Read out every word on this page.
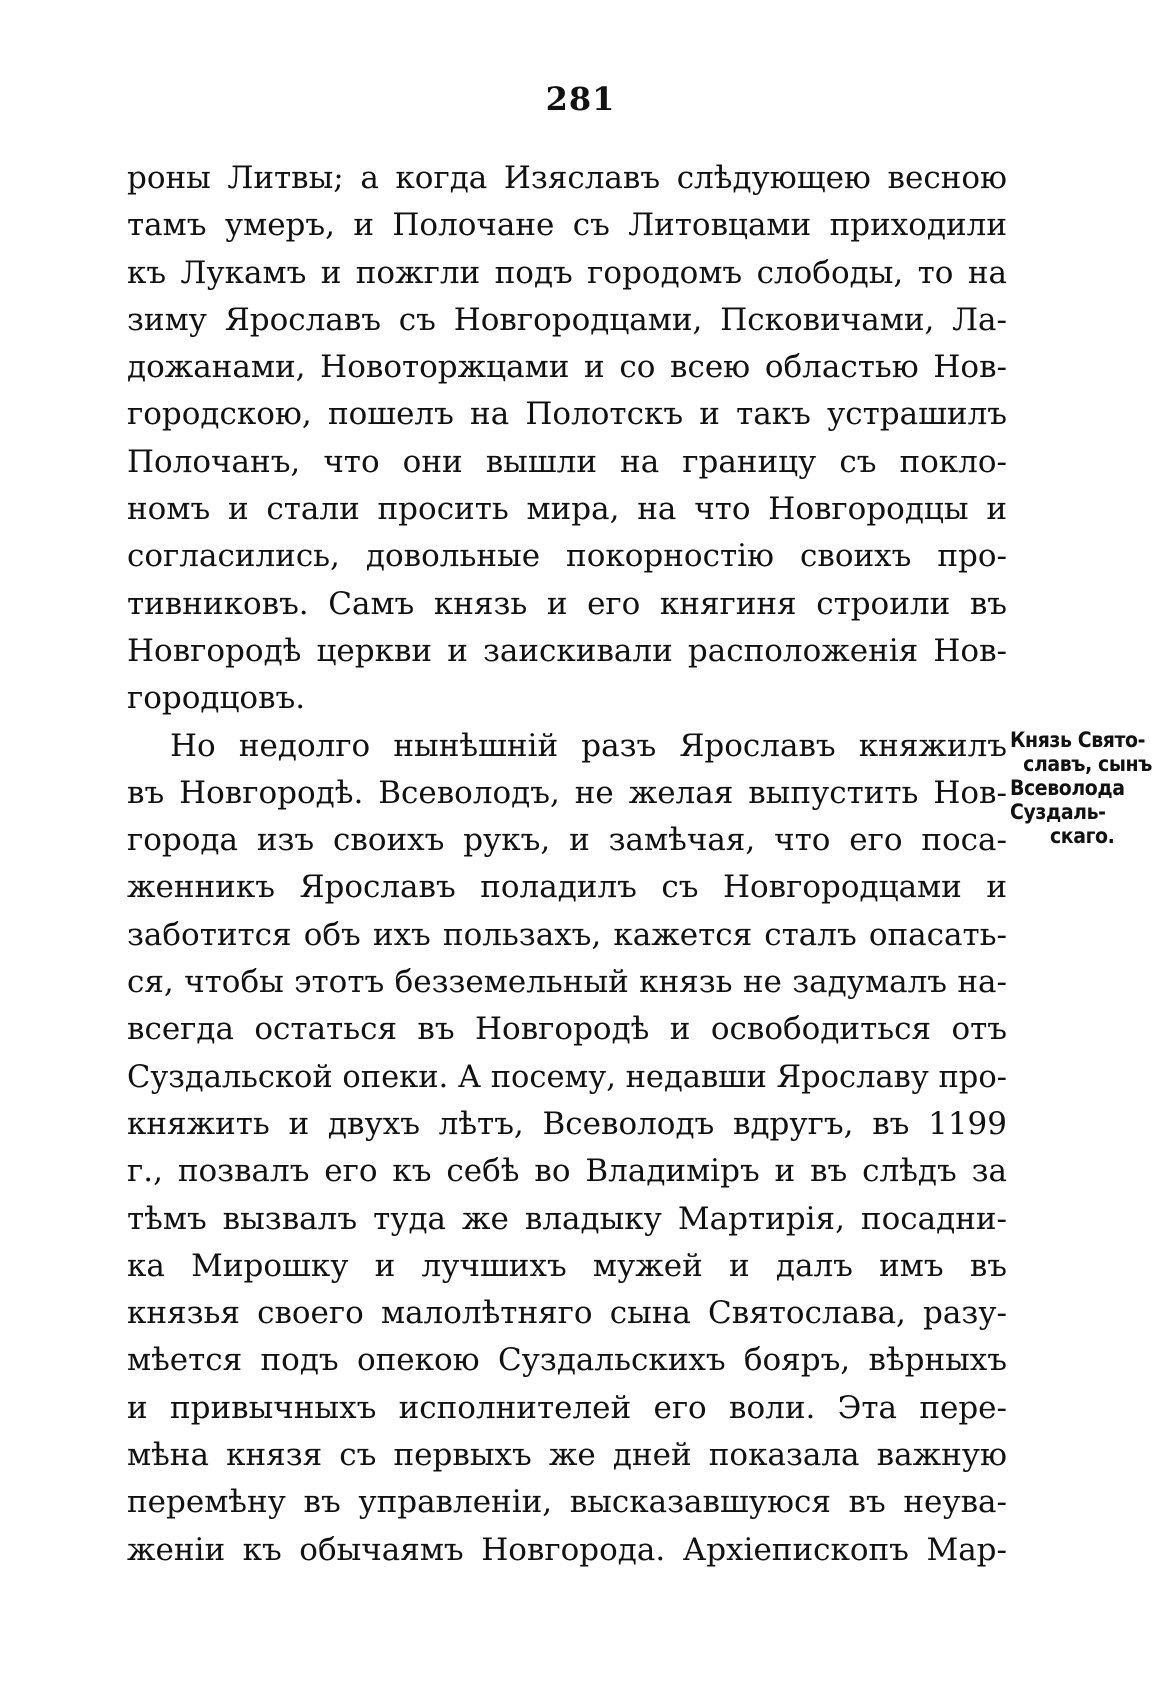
281
роны Литвы; а когда Изяславъ слѣдующею весною
тамъ умеръ, и Полочане съ Литовцами приходили
къ Лукамъ и пожгли подъ городомъ слободы, то на
зиму Ярославъ съ Новгородцами, Псковичами, Ла-
дожанами, Новоторжцами и со всею областью Нов-
городскою, пошелъ на Полотскъ и такъ устрашилъ
Полочанъ, что они вышли на границу съ покло-
номъ и стали просить мира, на что Новгородцы и
согласились, довольные покорностію своихъ про-
тивниковъ. Самъ князь и его княгиня строили въ
Новгородѣ церкви и заискивали расположенія Нов-
городцовъ.
Но недолго нынѣшній разъ Ярославъ княжилъ
въ Новгородѣ. Всеволодъ, не желая выпустить Нов-
города изъ своихъ рукъ, и замѣчая, что его поса-
женникъ Ярославъ поладилъ съ Новгородцами и
заботится объ ихъ пользахъ, кажется сталъ опасать-
ся, чтобы этотъ безземельный князь не задумалъ на-
всегда остаться въ Новгородѣ и освободиться отъ
Суздальской опеки. А посему, недавши Ярославу про-
княжить и двухъ лѣтъ, Всеволодъ вдругъ, въ 1199
г., позвалъ его къ себѣ во Владиміръ и въ слѣдъ за
тѣмъ вызвалъ туда же владыку Мартирія, посадни-
ка Мирошку и лучшихъ мужей и далъ имъ въ
князья своего малолѣтняго сына Святослава, разу-
мѣется подъ опекою Суздальскихъ бояръ, вѣрныхъ
и привычныхъ исполнителей его воли. Эта пере-
мѣна князя съ первыхъ же дней показала важную
перемѣну въ управленіи, высказавшуюся въ неува-
женіи къ обычаямъ Новгорода. Архіепископъ Мар-
Князь Свято-
славъ, сынъ
Всеволода
Суздаль-
скаго.
